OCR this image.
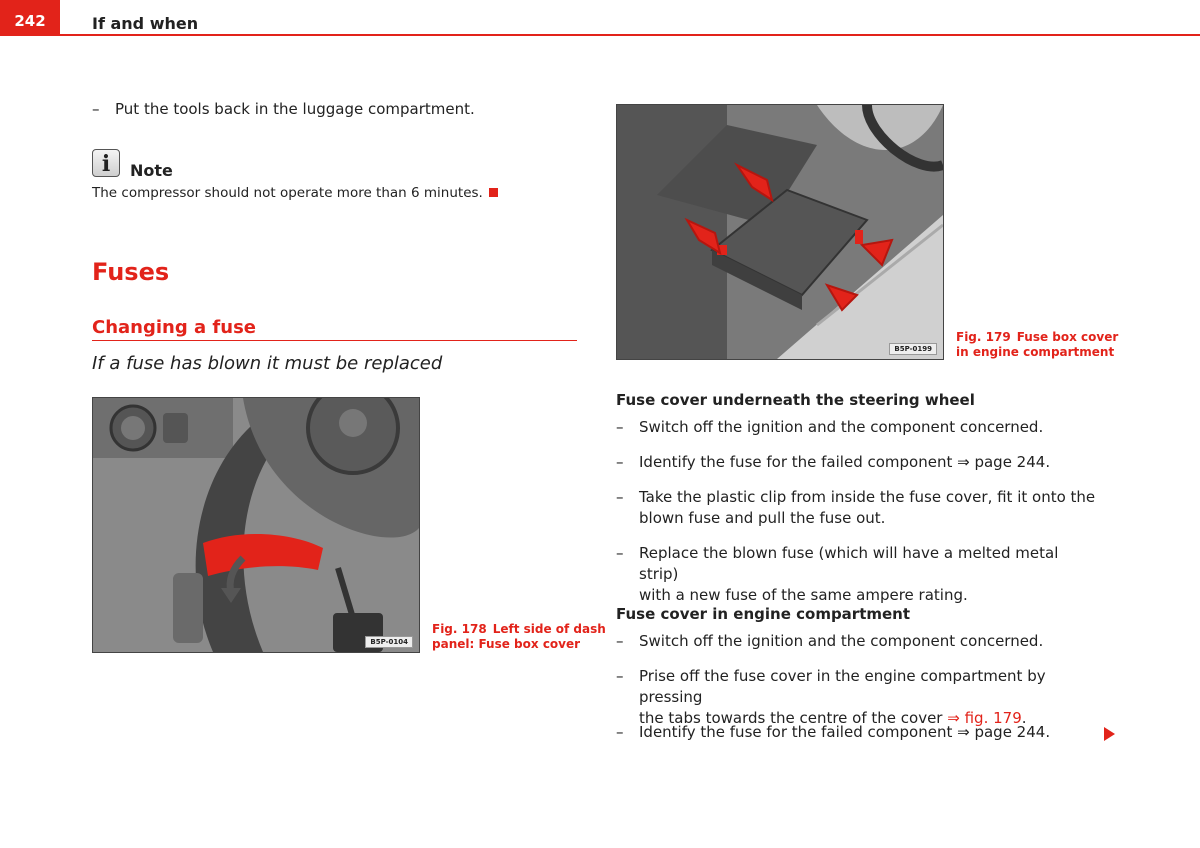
242	If and when
– Put the tools back in the luggage compartment.
i	Note
The compressor should not operate more than 6 minutes.
Fuses
Changing a fuse
If a fuse has blown it must be replaced
B5P-0104
Fig. 178 Left side of dash
panel: Fuse box cover
B5P-0199
Fig. 179 Fuse box cover
in engine compartment
Fuse cover underneath the steering wheel
– Switch off the ignition and the component concerned.
– Identify the fuse for the failed component ⇒ page 244.
– Take the plastic clip from inside the fuse cover, fit it onto the
blown fuse and pull the fuse out.
– Replace the blown fuse (which will have a melted metal strip)
with a new fuse of the same ampere rating.
Fuse cover in engine compartment
– Switch off the ignition and the component concerned.
– Prise off the fuse cover in the engine compartment by pressing
the tabs towards the centre of the cover ⇒ fig. 179.
– Identify the fuse for the failed component ⇒ page 244.
